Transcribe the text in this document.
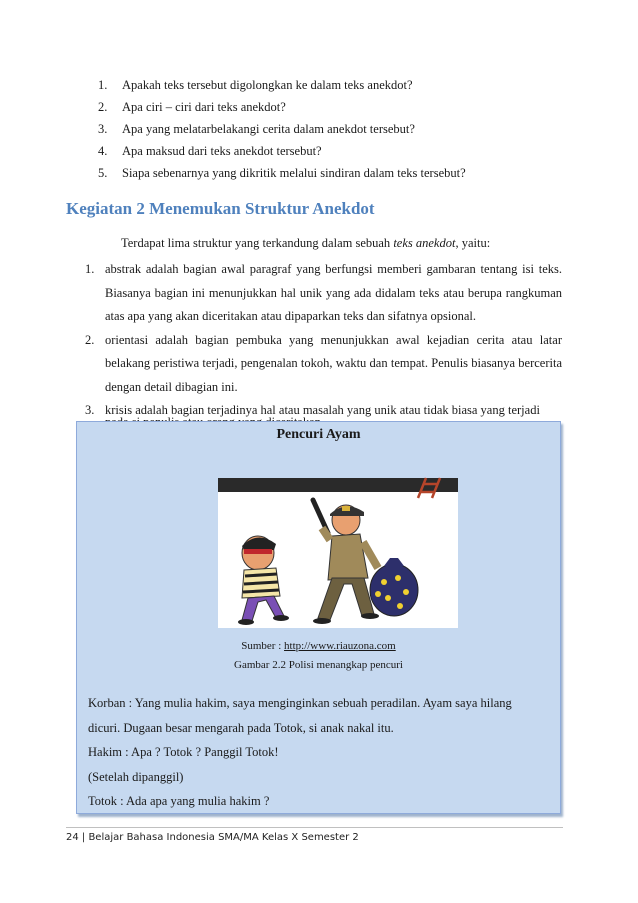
1.	Apakah teks tersebut digolongkan ke dalam teks anekdot?
2.	Apa ciri – ciri dari teks anekdot?
3.	Apa yang melatarbelakangi cerita dalam anekdot tersebut?
4.	Apa maksud dari teks anekdot tersebut?
5.	Siapa sebenarnya yang dikritik melalui sindiran dalam teks tersebut?
Kegiatan 2 Menemukan Struktur Anekdot
Terdapat lima struktur yang terkandung dalam sebuah teks anekdot, yaitu:
1. abstrak adalah bagian awal paragraf yang berfungsi memberi gambaran tentang isi teks. Biasanya bagian ini menunjukkan hal unik yang ada didalam teks atau berupa rangkuman atas apa yang akan diceritakan atau dipaparkan teks dan sifatnya opsional.
2. orientasi adalah bagian pembuka yang menunjukkan awal kejadian cerita atau latar belakang peristiwa terjadi, pengenalan tokoh, waktu dan tempat. Penulis biasanya bercerita dengan detail dibagian ini.
3. krisis adalah bagian terjadinya hal atau masalah yang unik atau tidak biasa yang terjadi
Pencuri Ayam
Sumber : http://www.riauzona.com
Gambar 2.2 Polisi menangkap pencuri
Korban : Yang mulia hakim, saya menginginkan sebuah peradilan. Ayam saya hilang
dicuri. Dugaan besar mengarah pada Totok, si anak nakal itu.
Hakim : Apa ? Totok ? Panggil Totok!
(Setelah dipanggil)
Totok : Ada apa yang mulia hakim ?
24 | Belajar Bahasa Indonesia SMA/MA Kelas X Semester 2
